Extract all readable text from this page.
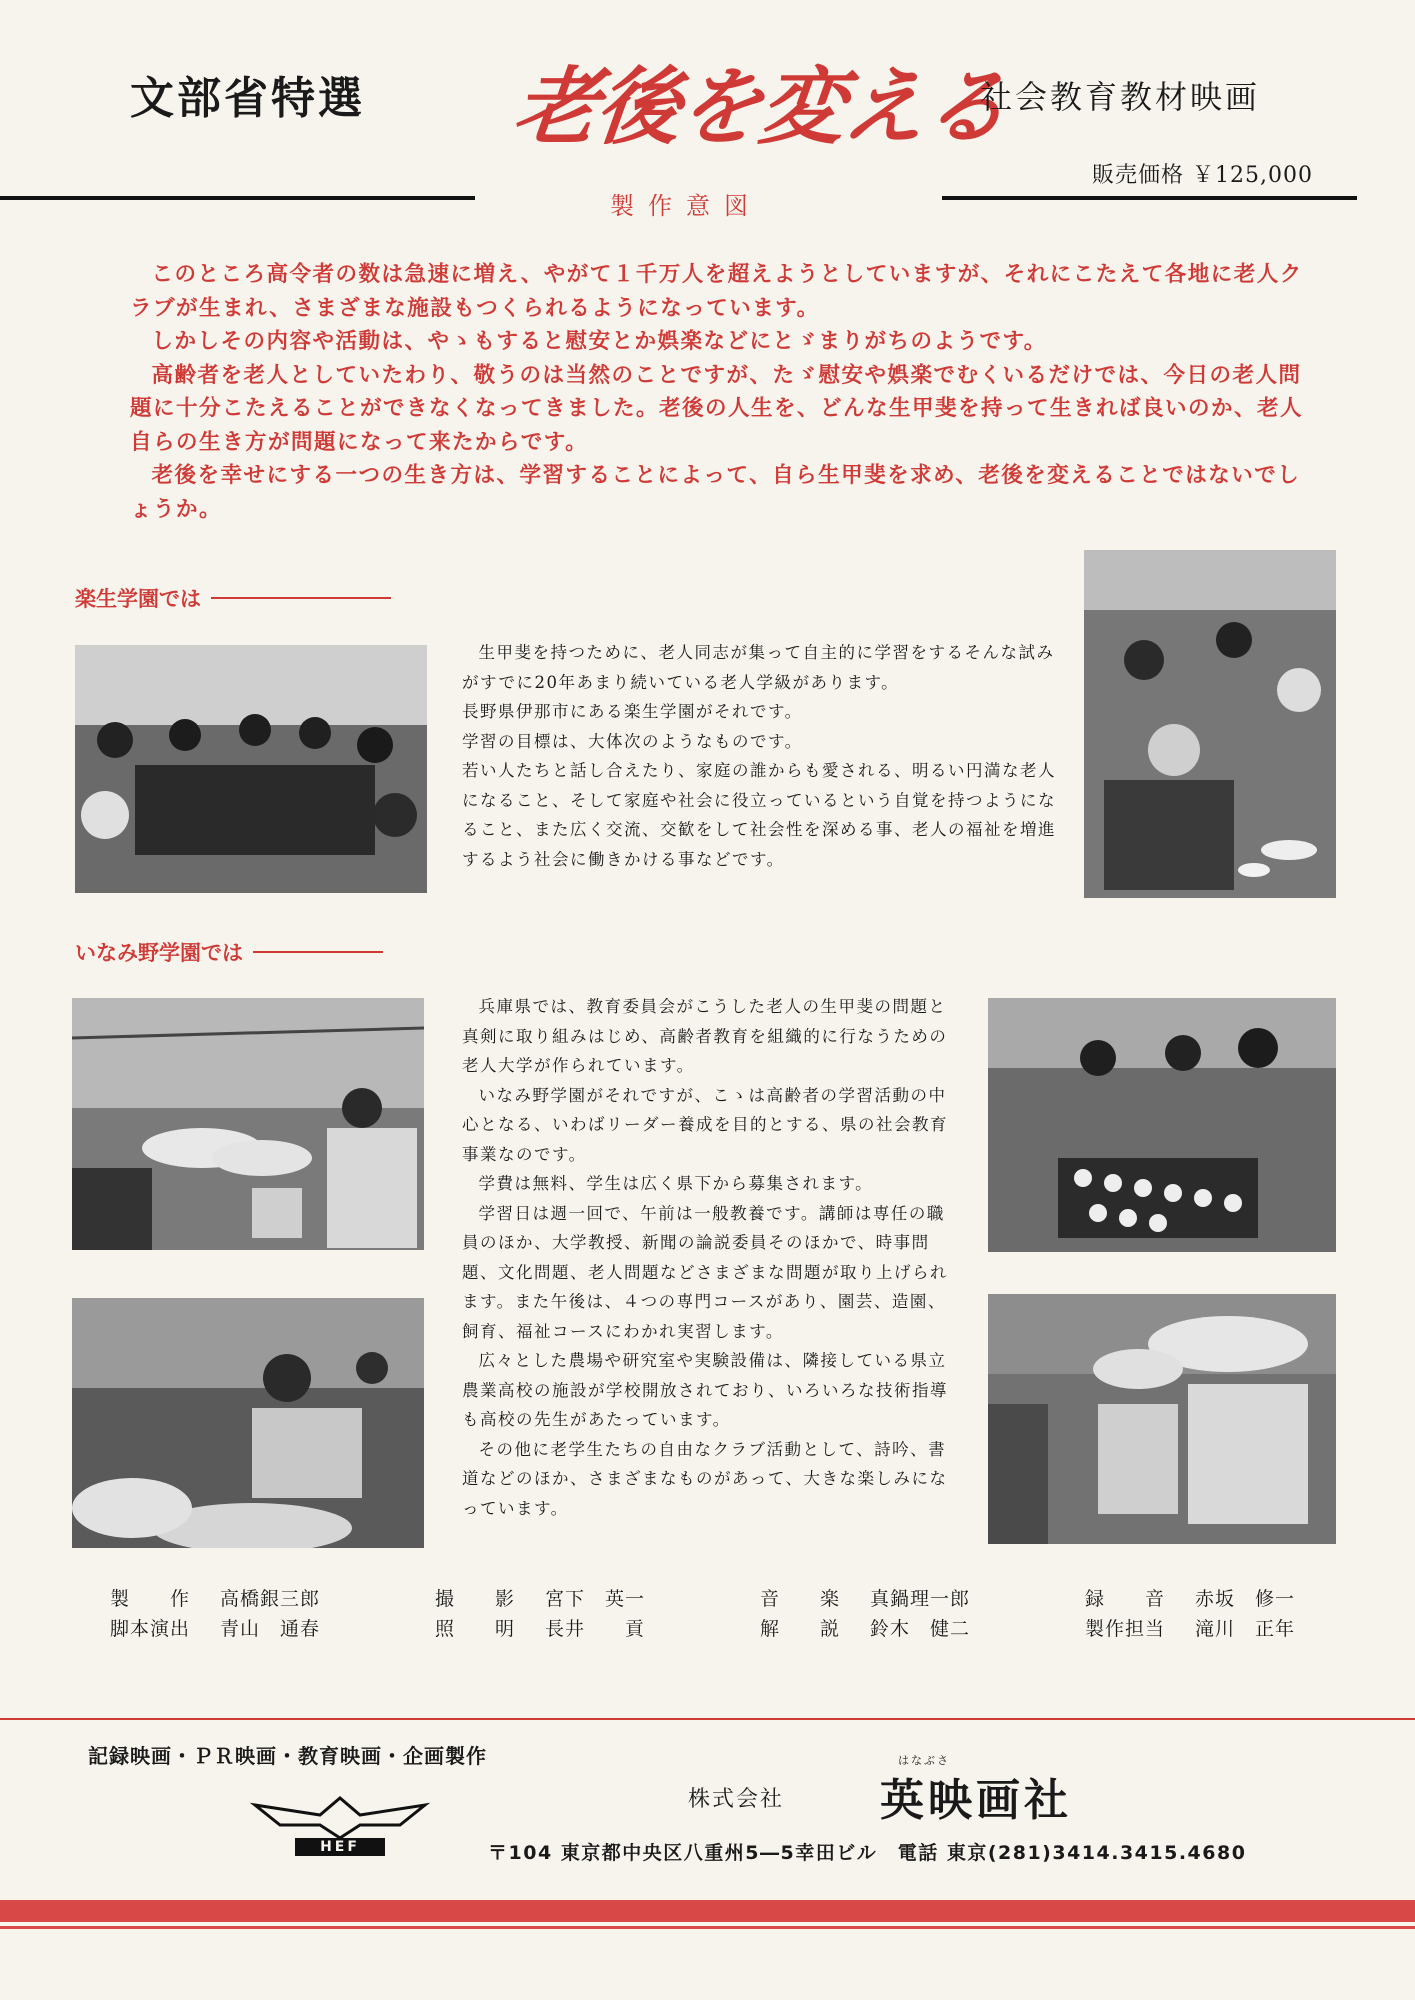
文部省特選 老後を変える
社会教育教材映画
販売価格 ￥125,000
製作意図

このところ高令者の数は急速に増え、やがて１千万人を超えようとしていますが、それにこたえて各地に老人クラブが生まれ、さまざまな施設もつくられるようになっています。

しかしその内容や活動は、やゝもすると慰安とか娯楽などにとゞまりがちのようです。

高齢者を老人としていたわり、敬うのは当然のことですが、たゞ慰安や娯楽でむくいるだけでは、今日の老人問題に十分こたえることができなくなってきました。老後の人生を、どんな生甲斐を持って生きれば良いのか、老人自らの生き方が問題になって来たからです。

老後を幸せにする一つの生き方は、学習することによって、自ら生甲斐を求め、老後を変えることではないでしょうか。

楽生学園では

生甲斐を持つために、老人同志が集って自主的に学習をするそんな試みがすでに20年あまり続いている老人学級があります。

長野県伊那市にある楽生学園がそれです。

学習の目標は、大体次のようなものです。

若い人たちと話し合えたり、家庭の誰からも愛される、明るい円満な老人になること、そして家庭や社会に役立っているという自覚を持つようになること、また広く交流、交歓をして社会性を深める事、老人の福祉を増進するよう社会に働きかける事などです。

いなみ野学園では

兵庫県では、教育委員会がこうした老人の生甲斐の問題と真剣に取り組みはじめ、高齢者教育を組織的に行なうための老人大学が作られています。

いなみ野学園がそれですが、こゝは高齢者の学習活動の中心となる、いわばリーダー養成を目的とする、県の社会教育事業なのです。

学費は無料、学生は広く県下から募集されます。

学習日は週一回で、午前は一般教養です。講師は専任の職員のほか、大学教授、新聞の論説委員そのほかで、時事問題、文化問題、老人問題などさまざまな問題が取り上げられます。また午後は、４つの専門コースがあり、園芸、造園、飼育、福祉コースにわかれ実習します。

広々とした農場や研究室や実験設備は、隣接している県立農業高校の施設が学校開放されており、いろいろな技術指導も高校の先生があたっています。

その他に老学生たちの自由なクラブ活動として、詩吟、書道などのほか、さまざまなものがあって、大きな楽しみになっています。

製　　作	高橋銀三郎	撮　　影	宮下　英一	音　　楽	真鍋理一郎	録　　音	赤坂　修一
脚本演出	青山　通春	照　　明	長井　　貢	解　　説	鈴木　健二	製作担当	滝川　正年
記録映画・ＰＲ映画・教育映画・企画製作
HEF
株式会社
はなぶさ
英映画社
〒104 東京都中央区八重州5―5幸田ビル　電話 東京(281)3414.3415.4680
